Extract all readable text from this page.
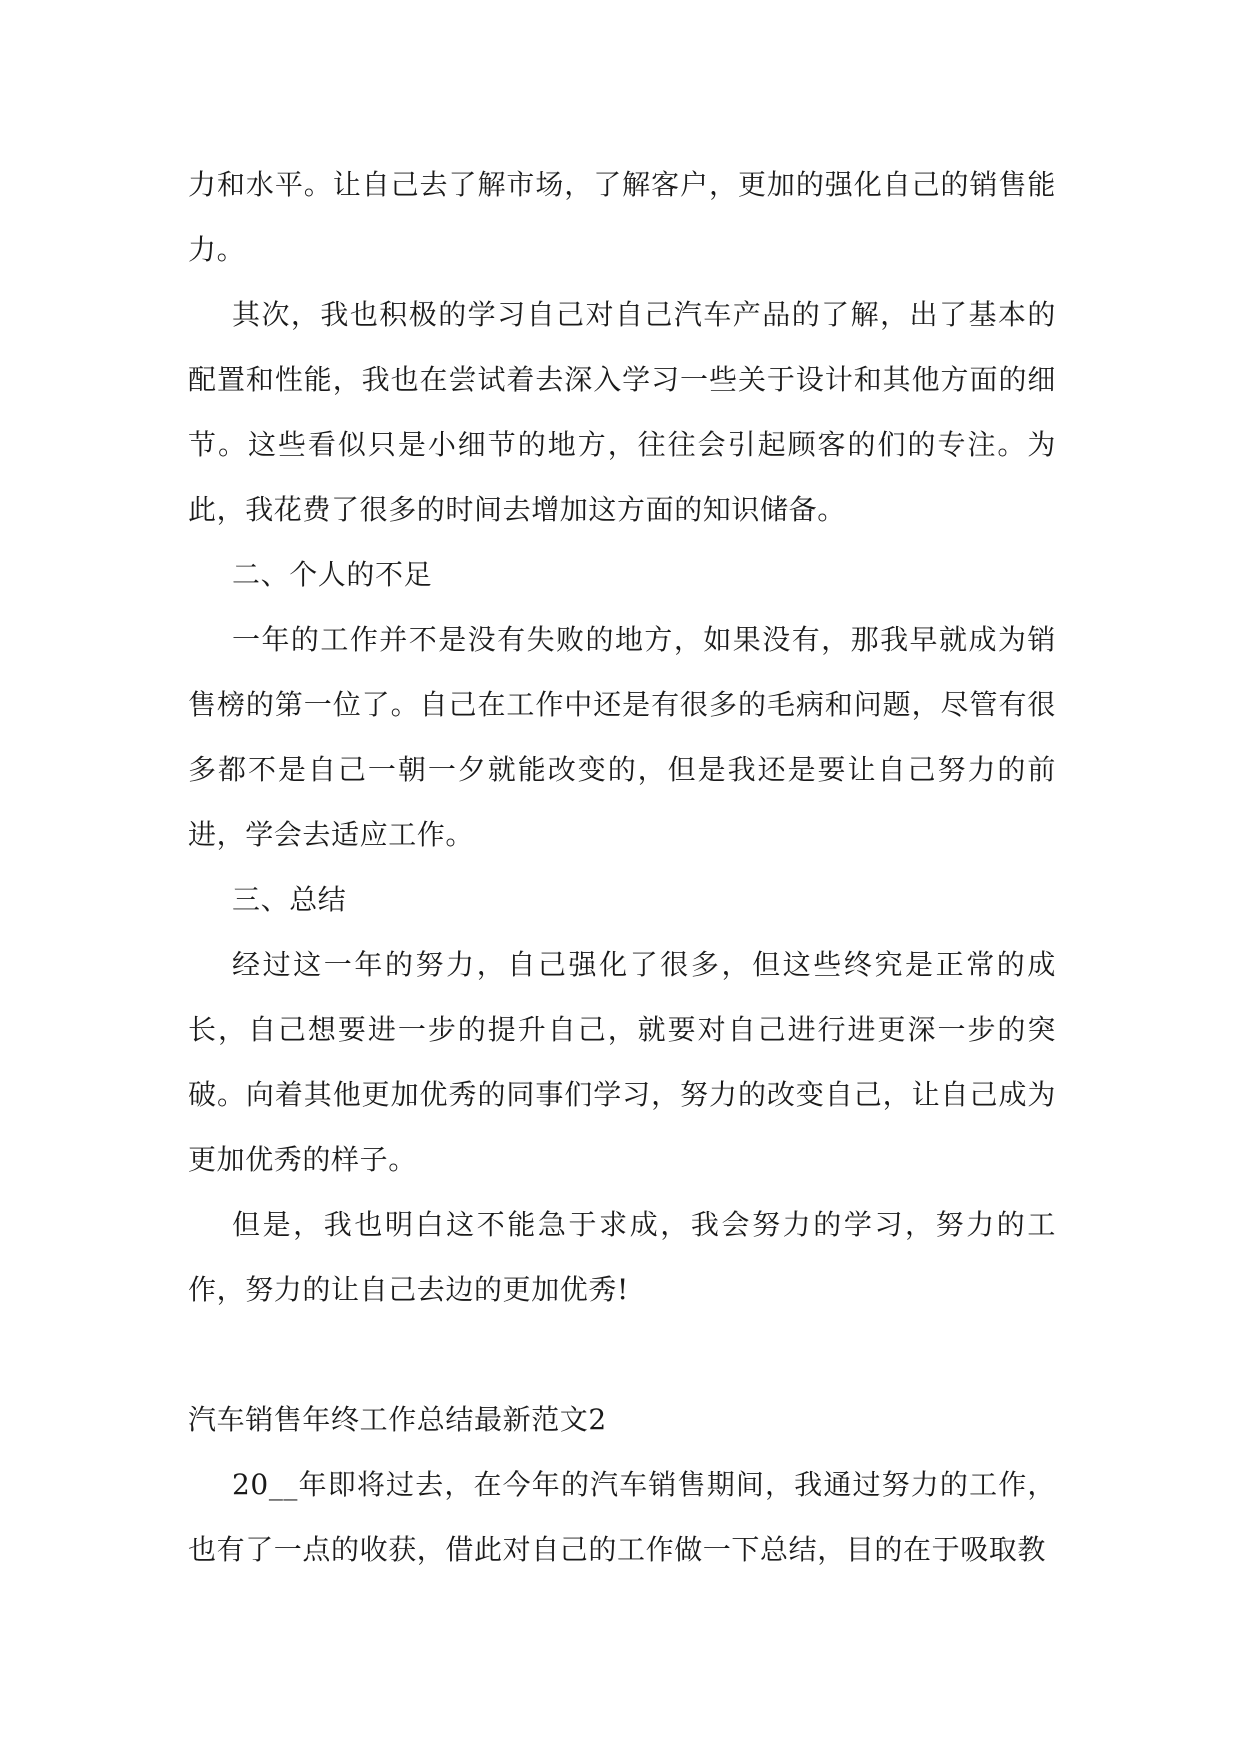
力和水平。让自己去了解市场，了解客户，更加的强化自己的销售能力。

其次，我也积极的学习自己对自己汽车产品的了解，出了基本的配置和性能，我也在尝试着去深入学习一些关于设计和其他方面的细节。这些看似只是小细节的地方，往往会引起顾客的们的专注。为此，我花费了很多的时间去增加这方面的知识储备。

二、个人的不足

一年的工作并不是没有失败的地方，如果没有，那我早就成为销售榜的第一位了。自己在工作中还是有很多的毛病和问题，尽管有很多都不是自己一朝一夕就能改变的，但是我还是要让自己努力的前进，学会去适应工作。

三、总结

经过这一年的努力，自己强化了很多，但这些终究是正常的成长，自己想要进一步的提升自己，就要对自己进行进更深一步的突破。向着其他更加优秀的同事们学习，努力的改变自己，让自己成为更加优秀的样子。

但是，我也明白这不能急于求成，我会努力的学习，努力的工作，努力的让自己去边的更加优秀!

汽车销售年终工作总结最新范文2

20__年即将过去，在今年的汽车销售期间，我通过努力的工作，也有了一点的收获，借此对自己的工作做一下总结，目的在于吸取教
